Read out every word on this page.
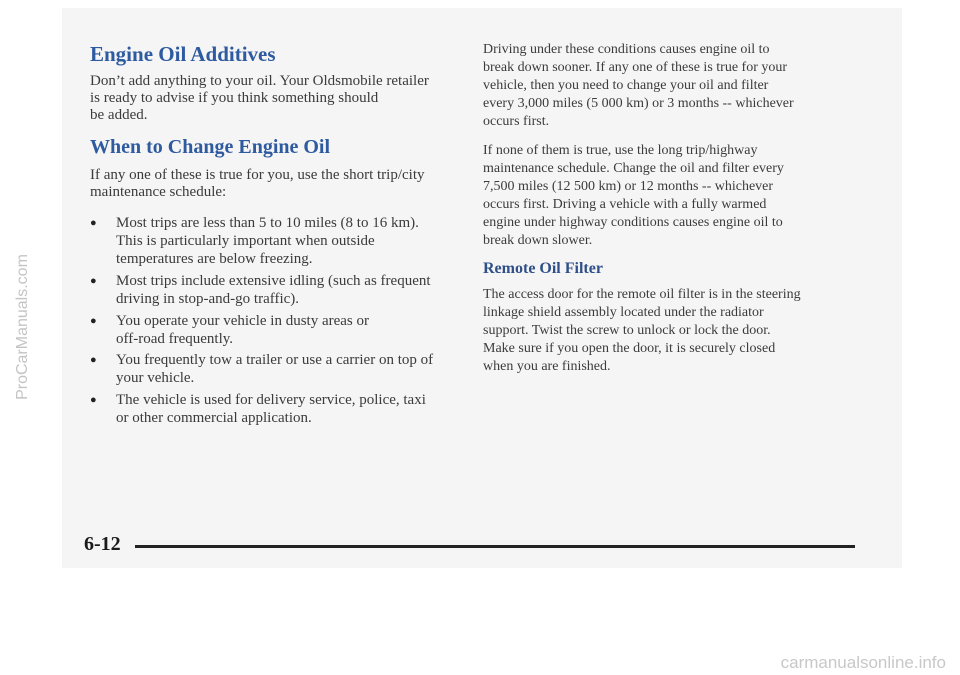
Engine Oil Additives

Don’t add anything to your oil. Your Oldsmobile retailer

is ready to advise if you think something should

be added.

When to Change Engine Oil

If any one of these is true for you, use the short trip/city

maintenance schedule:

● Most trips are less than 5 to 10 miles (8 to 16 km).
This is particularly important when outside
temperatures are below freezing.
● Most trips include extensive idling (such as frequent
driving in stop-and-go traffic).
● You operate your vehicle in dusty areas or
off-road frequently.
● You frequently tow a trailer or use a carrier on top of
your vehicle.
● The vehicle is used for delivery service, police, taxi
or other commercial application.

Driving under these conditions causes engine oil to

break down sooner. If any one of these is true for your

vehicle, then you need to change your oil and filter

every 3,000 miles (5 000 km) or 3 months -- whichever

occurs first.

If none of them is true, use the long trip/highway

maintenance schedule. Change the oil and filter every

7,500 miles (12 500 km) or 12 months -- whichever

occurs first. Driving a vehicle with a fully warmed

engine under highway conditions causes engine oil to

break down slower.

Remote Oil Filter

The access door for the remote oil filter is in the steering

linkage shield assembly located under the radiator

support. Twist the screw to unlock or lock the door.

Make sure if you open the door, it is securely closed

when you are finished.

6-12
ProCarManuals.com
carmanualsonline.info
